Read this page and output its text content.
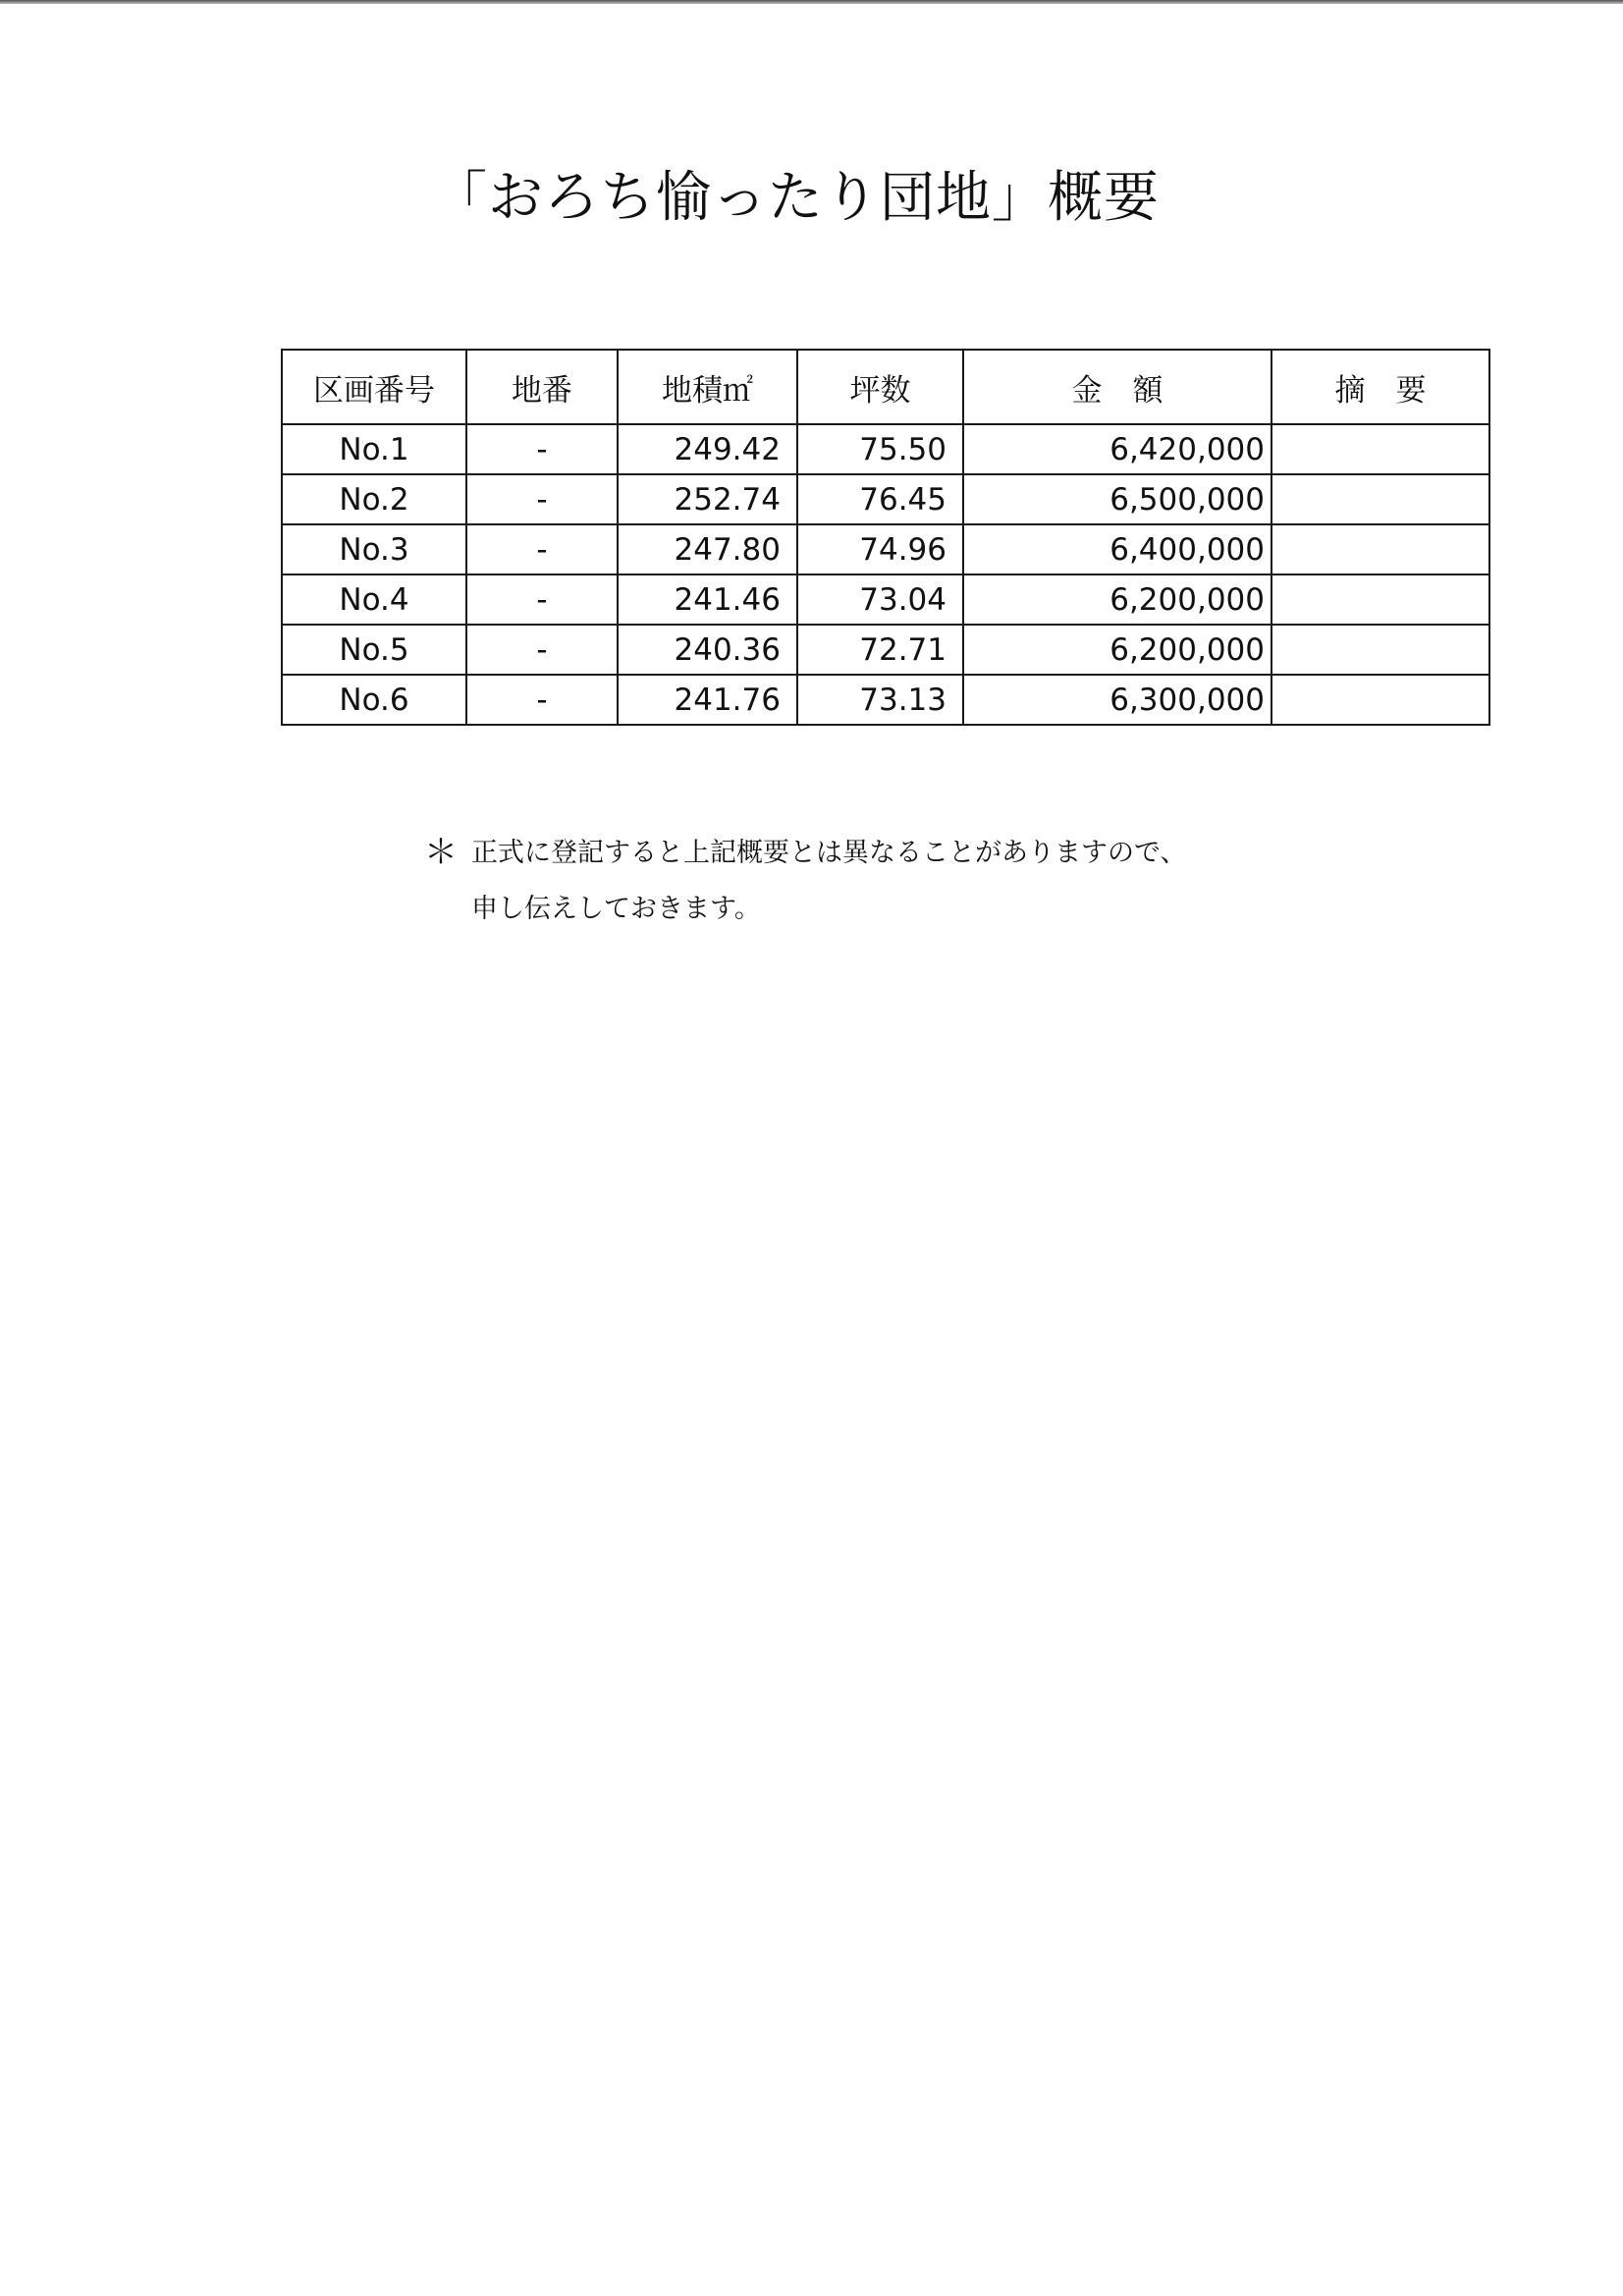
「おろち愉ったり団地」概要
区画番号	地番	地積㎡	坪数	金　額	摘　要
No.1	-	249.42	75.50	6,420,000	
No.2	-	252.74	76.45	6,500,000	
No.3	-	247.80	74.96	6,400,000	
No.4	-	241.46	73.04	6,200,000	
No.5	-	240.36	72.71	6,200,000	
No.6	-	241.76	73.13	6,300,000	
＊ 正式に登記すると上記概要とは異なることがありますので、
申し伝えしておきます。
